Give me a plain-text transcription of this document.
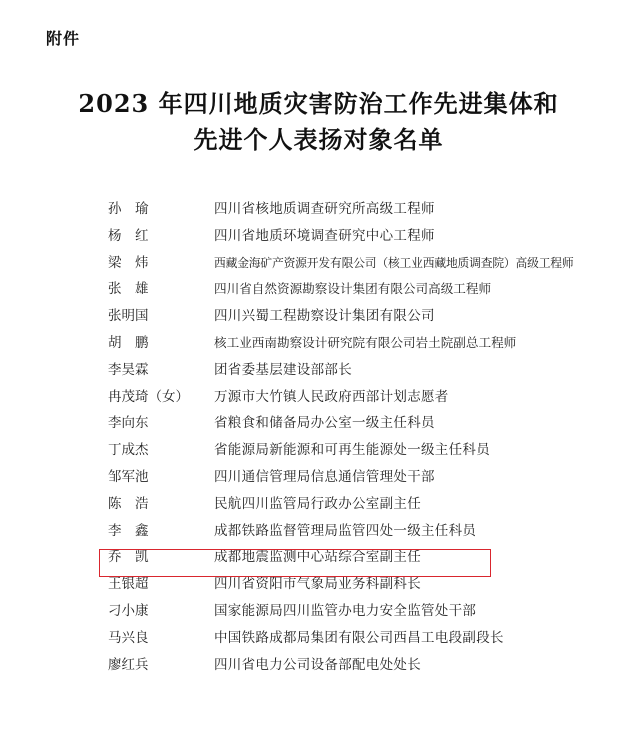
附件
2023 年四川地质灾害防治工作先进集体和
先进个人表扬对象名单
孙　瑜	四川省核地质调查研究所高级工程师
杨　红	四川省地质环境调查研究中心工程师
梁　炜	西藏金海矿产资源开发有限公司（核工业西藏地质调查院）高级工程师
张　雄	四川省自然资源勘察设计集团有限公司高级工程师
张明国	四川兴蜀工程勘察设计集团有限公司
胡　鹏	核工业西南勘察设计研究院有限公司岩土院副总工程师
李昊霖	团省委基层建设部部长
冉茂琦（女） 万源市大竹镇人民政府西部计划志愿者
李向东	省粮食和储备局办公室一级主任科员
丁成杰	省能源局新能源和可再生能源处一级主任科员
邹军池	四川通信管理局信息通信管理处干部
陈　浩	民航四川监管局行政办公室副主任
李　鑫	成都铁路监督管理局监管四处一级主任科员
乔　凯	成都地震监测中心站综合室副主任
王银超	四川省资阳市气象局业务科副科长
刁小康	国家能源局四川监管办电力安全监管处干部
马兴良	中国铁路成都局集团有限公司西昌工电段副段长
廖红兵	四川省电力公司设备部配电处处长
